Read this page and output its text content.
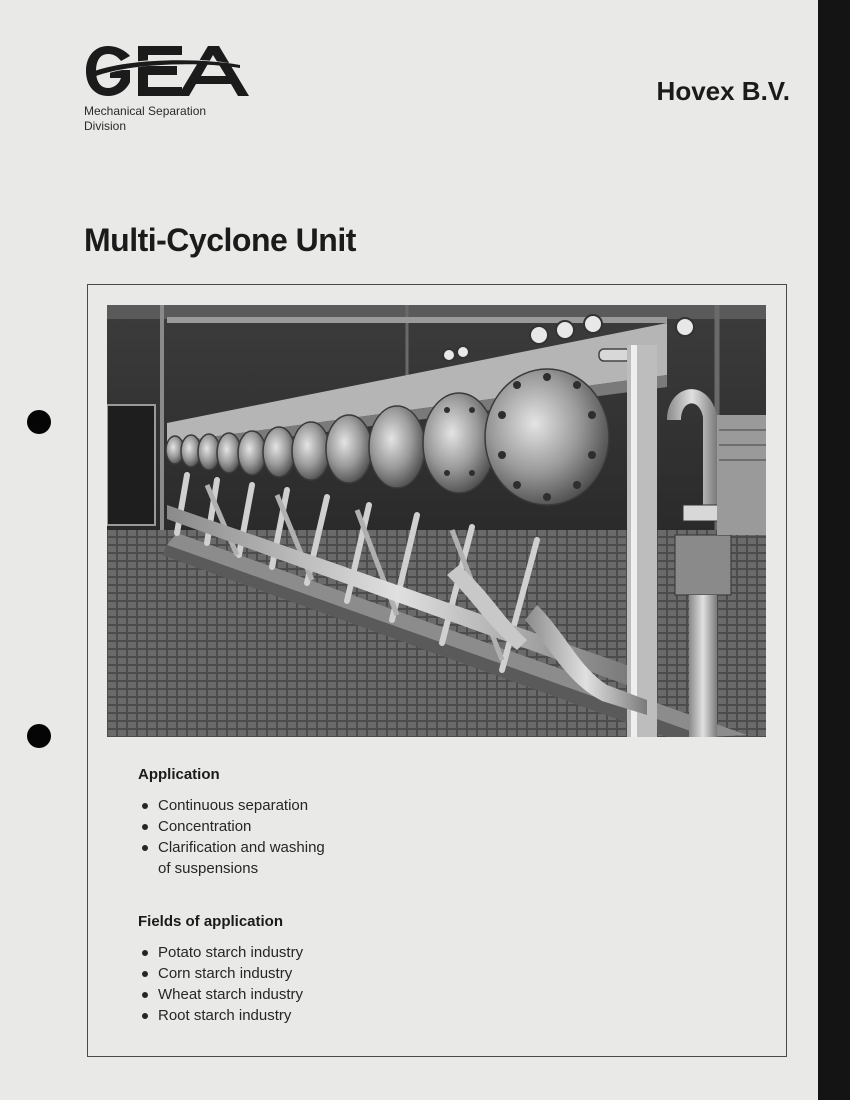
Mechanical Separation
Division
Hovex B.V.
Multi-Cyclone Unit
Application
Continuous separation
Concentration
Clarification and washing
of suspensions
Fields of application
Potato starch industry
Corn starch industry
Wheat starch industry
Root starch industry
